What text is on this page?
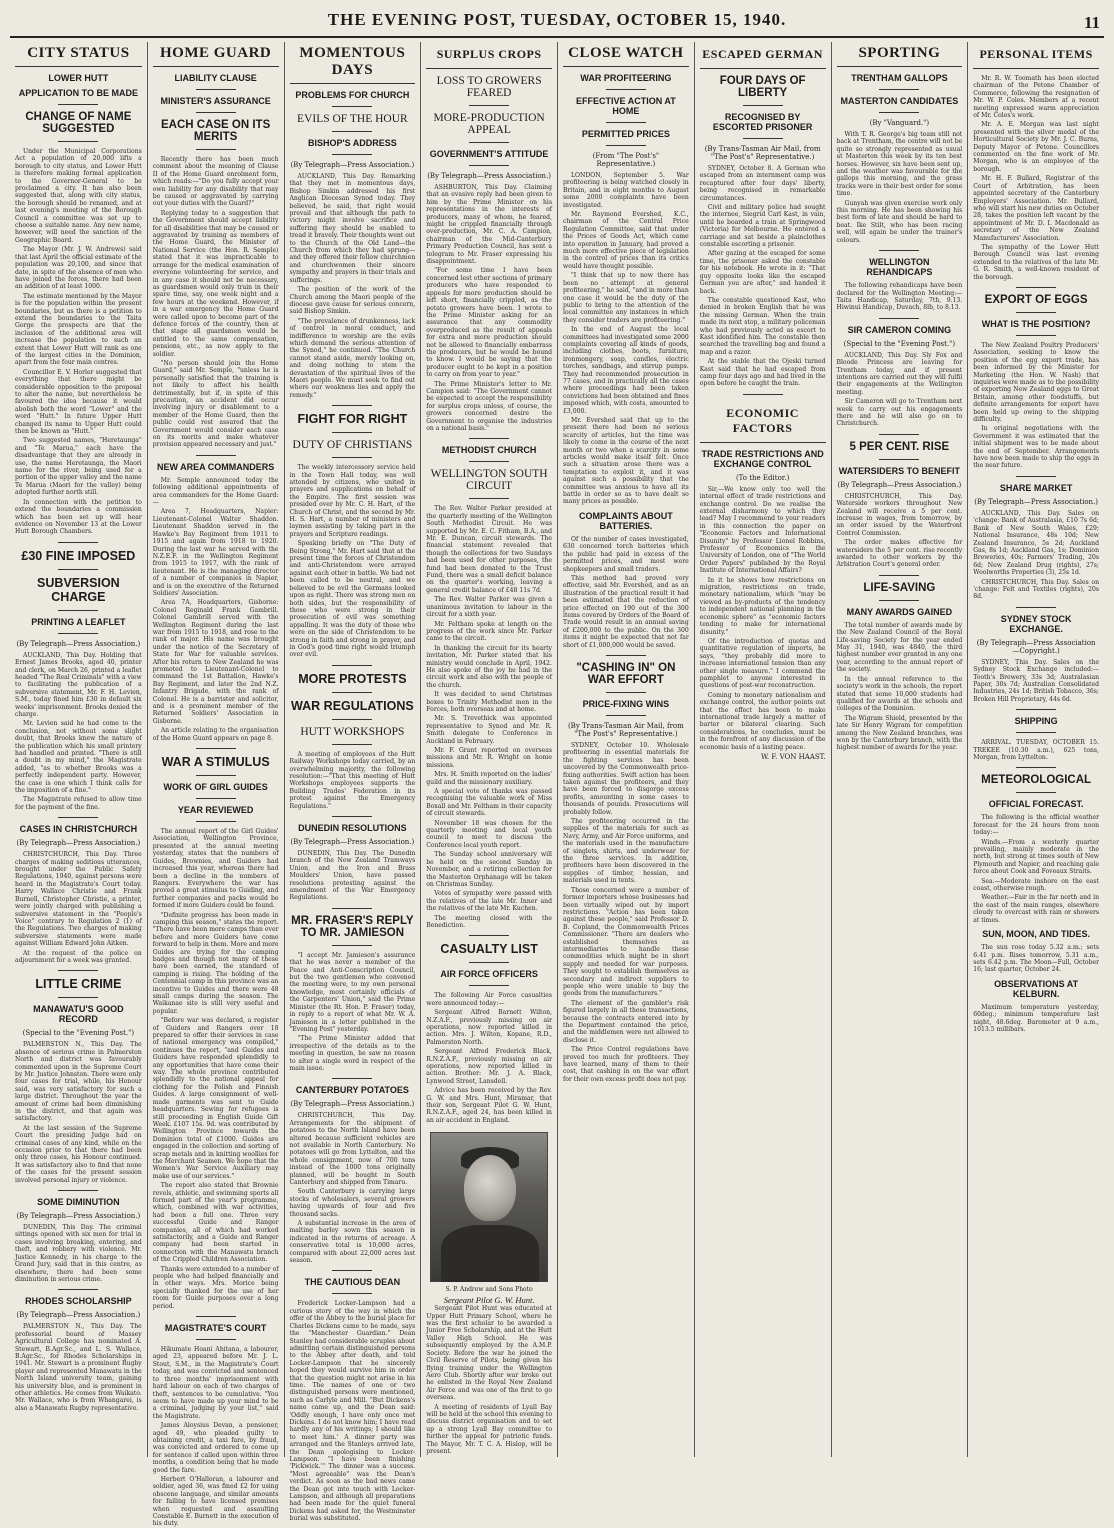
THE EVENING POST, TUESDAY, OCTOBER 15, 1940.	11
CITY STATUS
LOWER HUTT
APPLICATION TO BE MADE
CHANGE OF NAME SUGGESTED

Under the Municipal Corporations Act a population of 20,000 lifts a borough to city status, and Lower Hutt is therefore making formal application to the Governor-General to be proclaimed a city. It has also been suggested that, along with city status, the borough should be renamed, and at last evening's meeting of the Borough Council a committee was set up to choose a suitable name. Any new name, however, will need the sanction of the Geographic Board.

The Mayor (Mr. J. W. Andrews) said that last April the official estimate of the population was 20,100, and since that date, in spite of the absence of men who have joined the forces, there had been an addition of at least 1000.

The estimate mentioned by the Mayor is for the population within the present boundaries, but as there is a petition to extend the boundaries to the Taita Gorge the prospects are that the inclusion of the additional area will increase the population to such an extent that Lower Hutt will rank as one of the largest cities in the Dominion, apart from the four main centres.

Councillor E. V. Horler suggested that everything that there might be considerable opposition to the proposal to alter the name, but nevertheless he favoured the idea because it would abolish both the word "Lower" and the word "Hutt." In future Upper Hutt changed its name to Upper Hutt could then be known as "Hutt."

Two suggested names, "Heretaunga" and "Te Marua," each have the disadvantage that they are already in use, the name Heretaunga, the Maori name for the river, being used for a portion of the upper valley and the name Te Marua (Maori for the valley) being adopted further north still.

In connection with the petition to extend the boundaries a commission which has been set up will hear evidence on November 13 at the Lower Hutt Borough Chambers.

£30 FINE IMPOSED
SUBVERSION CHARGE
PRINTING A LEAFLET
(By Telegraph—Press Association.)

AUCKLAND, This Day. Holding that Ernest James Brooks, aged 40, printer and clerk, on March 26, printed a leaflet headed "The Real Criminals" with a view to facilitating the publication of a subversive statement, Mr. F. H. Levien, S.M., today fined him £30 in default six weeks' imprisonment. Brooks denied the charge.

Mr. Levien said he had come to the conclusion, not without some slight doubt, that Brooks knew the nature of the publication which his small printery had handled and printed. "There is still a doubt in my mind," the Magistrate added, "as to whether Brooks was a perfectly independent party. However, the case is one which I think calls for the imposition of a fine."

The Magistrate refused to allow time for the payment of the fine.

CASES IN CHRISTCHURCH
(By Telegraph—Press Association.)

CHRISTCHURCH, This Day. Three charges of making seditious utterances, brought under the Public Safety Regulations, 1940, against persons were heard in the Magistrate's Court today. Harry Wallace Christie and Frank Burnell, Christopher Christie, a printer, were jointly charged with publishing a subversive statement in the "People's Voice" contrary to Regulation 2 (1) of the Regulations. Two charges of making subversive statements were made against William Edward John Aitken.

At the request of the police on adjournment for a week was granted.

LITTLE CRIME
MANAWATU'S GOOD RECORD
(Special to the "Evening Post.")

PALMERSTON N., This Day. The absence of serious crime in Palmerston North and district was favourably commented upon in the Supreme Court by Mr. Justice Johnston. There were only four cases for trial, while, his Honour said, was very satisfactory for such a large district. Throughout the year the amount of crime had been diminishing in the district, and that again was satisfactory.

At the last session of the Supreme Court the presiding Judge had on criminal cases of any kind, while on the occasion prior to that there had been only three cases, his Honour continued. It was satisfactory also to find that none of the cases for the present session involved personal injury or violence.

SOME DIMINUTION
(By Telegraph—Press Association.)

DUNEDIN, This Day. The criminal sittings opened with six men for trial in cases involving breaking, entering, and theft, and robbery with violence. Mr. Justice Kennedy, in his charge to the Grand Jury, said that in this centre, as elsewhere, there had been some diminution in serious crime.

RHODES SCHOLARSHIP
(By Telegraph—Press Association.)

PALMERSTON N., This Day. The professorial board of Massey Agricultural College has nominated A. Stewart, B.Agr.Sc., and L. S. Wallace, B.Agr.Sc., for Rhodes Scholarships in 1941. Mr. Stewart is a prominent Rugby player and represented Manawatu in the North Island university team, gaining his university blue, and is prominent in other athletics. He comes from Waikato. Mr. Wallace, who is from Whangarei, is also a Manawatu Rugby representative.

HOME GUARD
LIABILITY CLAUSE
MINISTER'S ASSURANCE
EACH CASE ON ITS MERITS

Recently there has been much comment about the meaning of Clause II of the Home Guard enrolment form, which reads:—"Do you fully accept your own liability for any disability that may be caused or aggravated by carrying out your duties with the Guard?"

Replying today to a suggestion that the Government should accept liability for all disabilities that may be caused or aggravated by training as members of the Home Guard, the Minister of National Service (the Hon. R. Semple) stated that it was impracticable to arrange for the medical examination of everyone volunteering for service, and in any case it should not be necessary, as guardsmen would only train in their spare time, say, one week night and a few hours at the weekend. However, if in a war emergency the Home Guard were called upon to become part of the defence forces of the country, then at that stage all guardsmen would be entitled to the same compensation, pensions, etc., as now apply to the soldier.

"No person should join the Home Guard," said Mr. Semple, "unless he is personally satisfied that the training is not likely to affect his health detrimentally, but if, in spite of this precaution, an accident did occur involving injury or disablement to a member of the Home Guard, then the public could rest assured that the Government would consider each case on its merits and make whatever provision appeared necessary and just."

NEW AREA COMMANDERS

Mr. Semple announced today the following additional appointments of area commanders for the Home Guard:—

Area 7, Headquarters, Napier: Lieutenant-Colonel Walter Shaddon. Lieutenant Shaddon served in the Hawke's Bay Regiment from 1911 to 1915 and again from 1918 to 1920. During the last war he served with the N.Z.E.F. in the Wellington Regiment from 1915 to 1917, with the rank of lieutenant. He is the managing director of a number of companies in Napier, and is on the executive of the Returned Soldiers' Association.

Area 7A, Headquarters, Gisborne: Colonel Reginald Frank Gambrill. Colonel Gambrill served with the Wellington Regiment during the last war from 1915 to 1918, and rose to the rank of major. His name was brought under the notice of the Secretary of State for War for valuable services. After his return to New Zealand he was promoted to Lieutenant-Colonel to command the 1st Battalion, Hawke's Bay Regiment, and later the 2nd N.Z. Infantry Brigade, with the rank of Colonel. He is a barrister and solicitor, and is a prominent member of the Returned Soldiers' Association in Gisborne.

An article relating to the organisation of the Home Guard appears on page 8.

WAR A STIMULUS
WORK OF GIRL GUIDES
YEAR REVIEWED

The annual report of the Girl Guides' Association, Wellington Province, presented at the annual meeting yesterday, states that the numbers of Guides, Brownies, and Guiders had increased this year, whereas there had been a decline in the numbers of Rangers. Everywhere the war has proved a great stimulus to Guiding, and further companies and packs would be formed if more Guiders could be found.

"Definite progress has been made in camping this season," states the report. "There have been more camps than ever before and more Guiders have come forward to help in them. More and more Guides are trying for the camping badges and though not many of these have been earned, the standard of camping is rising. The holding of the Centennial camp in this province was an incentive to Guides and there were 48 small camps during the season. The Waikanae site is still very useful and popular.

"Before war was declared, a register of Guiders and Rangers over 18 prepared to offer their services in case of national emergency was compiled," continues the report, "and Guides and Guiders have responded splendidly to any opportunities that have come their way. The whole province contributed splendidly to the national appeal for clothing for the Polish and Finnish Guides. A large consignment of well-made garments was sent to Guide headquarters. Sewing for refugees is still proceeding in English Guide Gift Week. £107 15s. 9d. was contributed by Wellington Province towards the Dominion total of £1000. Guides are engaged in the collection and sorting of scrap metals and in knitting woollies for the Merchant Seamen. We hope that the Women's War Service Auxiliary may make use of our services."

The report also stated that Brownie revels, athletic, and swimming sports all formed part of the year's programme, which, combined with war activities, had been a full one. Three very successful Guide and Ranger companies, all of which had worked satisfactorily, and a Guide and Ranger company had been started in connection with the Manawatu branch of the Crippled Children Association.

Thanks were extended to a number of people who had helped financially and in other ways. Mrs. Morice being specially thanked for the use of her room for Guide purposes over a long period.

MAGISTRATE'S COURT

Hikumate Hoani Ahitana, a labourer, aged 23, appeared before Mr. J. L. Stout, S.M., in the Magistrate's Court today, and was convicted and sentenced to three months' imprisonment with hard labour on each of two charges of theft, sentences to be cumulative. "You seem to have made up your mind to be a criminal, judging by your list," said the Magistrate.

James Aloysius Devan, a pensioner, aged 49, who pleaded guilty to obtaining credit, a taxi fare, by fraud, was convicted and ordered to come up for sentence if called upon within three months, a condition being that he made good the fare.

Herbert O'Halloran, a labourer and soldier, aged 36, was fined £2 for using obscene language, and similar amounts for failing to have licensed premises when requested and assaulting Constable E. Burnett in the execution of his duty.

MOMENTOUS DAYS
PROBLEMS FOR CHURCH
EVILS OF THE HOUR
BISHOP'S ADDRESS
(By Telegraph—Press Association.)

AUCKLAND, This Day. Remarking that they met in momentous days, Bishop Simkin addressed his first Anglican Diocesan Synod today. They believed, he said, that right would prevail and that although the path to victory might involve sacrifice and suffering they should be enabled to tread it bravely. Their thoughts went out to the Church of the Old Land—the Church from which they had sprung—and they offered their fellow churchmen and churchwomen their sincere sympathy and prayers in their trials and sufferings.

The position of the work of the Church among the Maori people of the diocese gave cause for serious concern, said Bishop Simkin.

"The prevalence of drunkenness, lack of control in moral conduct, and indifference to worship are the evils which demand the serious attention of the Synod," he continued. "The Church cannot stand aside, merely looking on, and doing nothing to stem the devastation of the spiritual lives of the Maori people. We must seek to find out where our weakness lies and apply the remedy."

FIGHT FOR RIGHT
DUTY OF CHRISTIANS

The weekly intercessory service held in the Town Hall today, was well attended by citizens, who united in prayers and supplications on behalf of the Empire. The first session was presided over by Mr. C. H. Hart, of the Church of Christ, and the second by Mr. H. S. Hart, a number of ministers and laymen assisting by taking part in the prayers and Scripture readings.

Speaking briefly on "The Duty of Being Strong," Mr. Hart said that at the present time the forces of Christendom and anti-Christendom were arrayed against each other in battle. We had not been called to be neutral, and we believed to be evil the Germans looked upon as right. There was strong men on both sides, but the responsibility of those who were strong in their prosecution of evil was something appalling. It was the duty of those who were on the side of Christendom to be strong in faith and strong in prayer, and in God's good time right would triumph over evil.

MORE PROTESTS
WAR REGULATIONS
HUTT WORKSHOPS

A meeting of employees of the Hutt Railway Workshops today carried, by an overwhelming majority, the following resolution:—"That this meeting of Hutt Workshops employees supports the Building Trades' Federation in its protest against the Emergency Regulations."

DUNEDIN RESOLUTIONS
(By Telegraph—Press Association.)

DUNEDIN, This Day. The Dunedin branch of the New Zealand Tramways Union, and the Iron and Brass Moulders' Union, have passed resolutions protesting against the amendment of the War Emergency Regulations.

MR. FRASER'S REPLY TO MR. JAMIESON

"I accept Mr. Jamieson's assurance that he was never a member of the Peace and Anti-Conscription Council, but the two gentlemen who convened the meeting were, to my own personal knowledge, most certainly officials of the Carpenters' Union," said the Prime Minister (the Rt. Hon. P. Fraser) today, in reply to a report of what Mr. W. A. Jamieson in a letter published in the "Evening Post" yesterday.

"The Prime Minister added that irrespective of the details as to the meeting in question, he saw no reason to alter a single word in respect of the main issue.

CANTERBURY POTATOES
(By Telegraph—Press Association.)

CHRISTCHURCH, This Day. Arrangements for the shipment of potatoes to the North Island have been altered because sufficient vehicles are not available in North Canterbury. No potatoes will go from Lyttelton, and the whole consignment, now of 700 tons instead of the 1000 tons originally planned, will be bought in South Canterbury and shipped from Timaru.

South Canterbury is carrying large stocks of wholesalers, several growers having upwards of four and five thousand sacks.

A substantial increase in the area of malting barley sown this season is indicated in the returns of acreage. A conservative total is 10,000 acres, compared with about 22,000 acres last season.

THE CAUTIOUS DEAN

Frederick Locker-Lampson had a curious story of the way in which the offer of the Abbey to the burial place for Charles Dickens came to be made, says the "Manchester Guardian." Dean Stanley had considerable scruples about admitting certain distinguished persons to the Abbey after death, and told Locker-Lampson that he sincerely hoped they would survive him in order that the question might not arise in his time. The names of one or two distinguished persons were mentioned, such as Carlyle and Mill. "But Dickens's name came up, and the Dean said: 'Oddly enough, I have only once met Dickens. I do not know him; I have read hardly any of his writings; I should like to meet him.' A dinner party was arranged and the Stanleys arrived late, the Dean apologising to Locker-Lampson. "I have been finishing 'Pickwick.'" The dinner was a success. "Most agreeable" was the Dean's verdict. As soon as the bad news came the Dean got into touch with Locker-Lampson, and although all preparations had been made for the quiet funeral Dickens had asked for, the Westminster burial was substituted.

SURPLUS CROPS
LOSS TO GROWERS FEARED
MORE-PRODUCTION APPEAL
GOVERNMENT'S ATTITUDE
(By Telegraph—Press Association.)

ASHBURTON, This Day. Claiming that an evasive reply had been given to him by the Prime Minister on his representations in the interests of producers, many of whom, he feared, might be crippled financially through over-production, Mr. C. A. Campion, chairman of the Mid-Canterbury Primary Production Council, has sent a telegram to Mr. Fraser expressing his disappointment.

"For some time I have been concerned lest other sections of primary producers who have responded to appeals for more production should be left short, financially crippled, as the potato growers have been. I wrote to the Prime Minister asking for an assurance that any commodity overproduced as the result of appeals for extra and more production should not be allowed to financially embarrass the producers, but he would be bound to know. I would be saying that the producer ought to be kept in a position to carry on from year to year."

The Prime Minister's letter to Mr. Campion said: "The Government cannot be expected to accept the responsibility for surplus crops unless, of course, the growers concerned desire the Government to organise the industries on a national basis."

METHODIST CHURCH
WELLINGTON SOUTH CIRCUIT

The Rev. Walter Parker presided at the quarterly meeting of the Wellington South Methodist Circuit. He was supported by Mr. E. C. Fitham, B.A., and Mr. E. Duncan, circuit stewards. The financial statement revealed that though the collections for two Sundays had been used for other purposes, the fund had been donated to the Trust Fund, there was a small deficit balance on the quarter's working, leaving a general credit balance of £48 11s 7d.

The Rev. Walter Parker was given a unanimous invitation to labour in the circuit for a sixth year.

Mr. Feltham spoke at length on the progress of the work since Mr. Parker came to the circuit.

In thanking the circuit for its hearty invitation, Mr. Parker stated that his ministry would conclude in April, 1942. He also spoke of the joy he had in the circuit work and also with the people of the church.

It was decided to send Christmas boxes to Trinity Methodist men in the Forces, both overseas and at home.

Mr. S. Trevethick was appointed representative to Synod and Mr. R. Smith delegate to Conference in Auckland in February.

Mr. F. Grant reported on overseas missions and Mr. R. Wright on home missions.

Mrs. H. Smith reported on the ladies' guild and the missionary auxiliary.

A special vote of thanks was passed recognising the valuable work of Miss Boxall and Mr. Feltham in their capacity of circuit stewards.

November 18 was chosen for the quarterly meeting and local youth council to meet to discuss the Conference local youth report.

The Sunday school anniversary will be held on the second Sunday in November, and a retiring collection for the Masterton Orphanage will be taken on Christmas Sunday.

Votes of sympathy were passed with the relatives of the late Mr. Inner and the relatives of the late Mr. Kuchen.

The meeting closed with the Benediction.

CASUALTY LIST
AIR FORCE OFFICERS

The following Air Force casualties were announced today:—

Sergeant Alfred Barnett Wilton, N.Z.A.F., previously missing on air operations, now reported killed in action. Mrs. J. Wilton, Kopane, R.D., Palmerston North.

Sergeant Alfred Frederick Black, R.N.Z.A.F., previously missing on air operations, now reported killed in action. Brother: Mr. J. A. Black, Lynwood Street, Lansdell.

Advice has been received by the Rev. G. W. and Mrs. Hunt, Miramar, that their son, Sergeant Pilot G. W. Hunt, R.N.Z.A.F., aged 24, has been killed in an air accident in England.

S. P. Andrew and Sons Photo
Sergeant Pilot G. W. Hunt.

Sergeant Pilot Hunt was educated at Upper Hutt Primary School, where he was the first scholar to be awarded a Junior Free Scholarship, and at the Hutt Valley High School. He was subsequently employed by the A.M.P. Society. Before the war he joined the Civil Reserve of Pilots, being given his flying training under the Wellington Aero Club. Shortly after war broke out he enlisted in the Royal New Zealand Air Force and was one of the first to go overseas.

A meeting of residents of Lyall Bay will be held at the school this evening to discuss district organisation and to set up a strong Lyall Bay committee to further the appeal for patriotic funds. The Mayor, Mr. T. C. A. Hislop, will be present.

CLOSE WATCH
WAR PROFITEERING
EFFECTIVE ACTION AT HOME
PERMITTED PRICES
(From "The Post's" Representative.)

LONDON, September 5. War profiteering is being watched closely in Britain, and in eight months to August some 2000 complaints have been investigated.

Mr. Raymond Evershed, K.C., chairman of the Central Price Regulation Committee, said that under the Prices of Goods Act, which came into operation in January, had proved a much more effective piece of legislation in the control of prices than its critics would have thought possible.

"I think that up to now there has been no attempt at general profiteering," he said, "and in more than one case it would be the duty of the public to bring to the attention of the local committee any instances in which they consider traders are profiteering."

In the end of August the local committees had investigated some 2000 complaints covering all kinds of goods, including clothes, boots, furniture, ironmongery, soap, candles, electric torches, sandbags, and stirrup pumps. They had recommended prosecution in 77 cases, and in practically all the cases where proceedings had been taken convictions had been obtained and fines imposed which, with costs, amounted to £3,000.

Mr. Evershed said that up to the present there had been no serious scarcity of articles, but the time was likely to come in the course of the next month or two when a scarcity in some articles would make itself felt. Once such a situation arose there was a temptation to exploit it, and it was against such a possibility that the committee was anxious to have all its battle in order so as to have dealt so many prices as possible.

COMPLAINTS ABOUT BATTERIES.

Of the number of cases investigated, 630 concerned torch batteries which the public had paid in excess of the permitted prices, and most were shopkeepers and small traders.

This method had proved very effective, said Mr. Evershed, and as an illustration of the practical result it had been estimated that the reduction of price effected on 190 out of the 300 items covered by Orders of the Board of Trade would result in an annual saving of £200,000 to the public. On the 300 items it might be expected that not far short of £1,000,000 would be saved.

"CASHING IN" ON WAR EFFORT
PRICE-FIXING WINS
(By Trans-Tasman Air Mail, from "The Post's" Representative.)

SYDNEY, October 10. Wholesale profiteering in essential materials for the fighting services has been uncovered by the Commonwealth price-fixing authorities. Swift action has been taken against the profiteers, and they have been forced to disgorge excess profits, amounting in some cases to thousands of pounds. Prosecutions will probably follow.

The profiteering occurred in the supplies of the materials for such as Navy, Army, and Air Force uniforms, and the materials used in the manufacture of singlets, shirts, and underwear for the three services. In addition, profiteers have been discovered in the supplies of timber, hessian, and materials used in tents.

Those concerned were a number of former importers whose businesses had been virtually wiped out by import restrictions. "Action has been taken against these people," said Professor D. B. Copland, the Commonwealth Prices Commissioner. "There are dealers who established themselves as intermediaries to handle these commodities which might be in short supply and needed for war purposes. They sought to establish themselves as secondary and indirect suppliers to people who were unable to buy the goods from the manufacturers."

The element of the gambler's risk figured largely in all these transactions, because the contracts entered into by the Department contained the price, and the middlemen were not allowed to disclose it.

The Price Control regulations have proved too much for profiteers. They have learned, many of them to their cost, that cashing in on the war effort for their own excess profit does not pay.

ESCAPED GERMAN
FOUR DAYS OF LIBERTY
RECOGNISED BY ESCORTED PRISONER
(By Trans-Tasman Air Mail, from "The Post's" Representative.)

SYDNEY, October 8. A German who escaped from an internment camp was recaptured after four days' liberty, being recognised in remarkable circumstances.

Civil and military police had sought the internee, Siegrid Carl Kast, in vain, until he boarded a train at Springwood (Victoria) for Melbourne. He entered a carriage and sat beside a plainclothes constable escorting a prisoner.

After gazing at the escaped for some time, the prisoner asked the constable for his notebook. He wrote in it: "That guy opposite looks like the escaped German you are after," and handed it back.

The constable questioned Kast, who denied in broken English that he was the missing German. When the train made its next stop, a military policeman who had previously acted as escort to Kast identified him. The constable then searched the travelling bag and found a map and a razor.

At the stable that the Ojeski turned Kast said that he had escaped from camp four days ago and had lived in the open before he caught the train.

ECONOMIC FACTORS
TRADE RESTRICTIONS AND EXCHANGE CONTROL
(To the Editor.)

Sir,—We know only too well the internal effect of trade restrictions and exchange control. Do we realise the external disharmony to which they lead? May I recommend to your readers in this connection the paper on "Economic Factors and International Disunity" by Professor Lionel Robbins, Professor of Economics in the University of London, one of "The World Order Papers" published by the Royal Institute of International Affairs?

In it he shows how restrictions on migration, restrictions on trade, monetary nationalism, which "may be viewed as by-products of the tendency to independent national planning in the economic sphere" as "economic factors tending to make for international disunity."

Of the introduction of quotas and quantitative regulation of imports, he says, "they probably did more to increase international tension than any other single measure." I commend the pamphlet to anyone interested in questions of post-war reconstruction.

Coming to monetary nationalism and exchange control, the author points out that the effect has been to make international trade largely a matter of barter or bilateral clearing. Such considerations, he concludes, must be in the forefront of any discussion of the economic basis of a lasting peace.

W. F. VON HAAST.
SPORTING
TRENTHAM GALLOPS
MASTERTON CANDIDATES
(By "Vanguard.")

With T. R. George's big team still not back at Trentham, the centre will not be quite so strongly represented as usual at Masterton this week by its ten best horses. However, six have been sent up, and the weather was favourable for the gallops this morning, and the grass tracks were in their best order for some time.

Gunyah was given exercise work only this morning. He has been showing his best form of late and should be hard to beat. Ike Stilt, who has been racing well, will again be under the trainer's colours.

WELLINGTON REHANDICAPS

The following rehandicaps have been declared for the Wellington Meeting:—Taita Handicap, Saturday, 7th, 9.13. Hiwinui Handicap, Duvach, 8lb, to 8.13.

SIR CAMERON COMING
(Special to the "Evening Post.")

AUCKLAND, This Day. Sly Fox and Bloode Princess are leaving for Trentham today, and if present intentions are carried out they will fulfil their engagements at the Wellington meeting.

Sir Cameron will go to Trentham next week to carry out his engagements there and he will also go on to Christchurch.

5 PER CENT. RISE
WATERSIDERS TO BENEFIT
(By Telegraph—Press Association.)

CHRISTCHURCH, This Day. Waterside workers throughout New Zealand will receive a 5 per cent. increase in wages, from tomorrow, by an order issued by the Waterfront Control Commission.

The order makes effective for watersiders the 5 per cent. rise recently awarded to other workers by the Arbitration Court's general order.

LIFE-SAVING
MANY AWARDS GAINED

The total number of awards made by the New Zealand Council of the Royal Life-saving Society for the year ended May 31, 1940, was 4840, the third highest number ever granted in any one year, according to the annual report of the society.

In the annual reference to the society's work in the schools, the report stated that some 10,000 students had qualified for awards at the schools and colleges of the Dominion.

The Wigram Shield, presented by the late Sir Henry Wigram for competition among the New Zealand branches, was won by the Canterbury branch, with the highest number of awards for the year.

PERSONAL ITEMS

Mr. R. W. Toomath has been elected chairman of the Petone Chamber of Commerce, following the resignation of Mr. W. P. Coles. Members at a recent meeting expressed warm appreciation of Mr. Coles's work.

Mr. A. E. Morgan was last night presented with the silver medal of the Horticultural Society by Mr. J. C. Burns, Deputy Mayor of Petone. Councillors commented on the fine work of Mr. Morgan, who is an employee of the borough.

Mr. H. F. Bullard, Registrar of the Court of Arbitration, has been appointed secretary of the Canterbury Employers' Association. Mr. Bullard, who will start his new duties on October 28, takes the position left vacant by the appointment of Mr. D. I. Macdonald as secretary of the New Zealand Manufacturers' Association.

The sympathy of the Lower Hutt Borough Council was last evening extended to the relatives of the late Mr. G. R. Smith, a well-known resident of the borough.

EXPORT OF EGGS
WHAT IS THE POSITION?

The New Zealand Poultry Producers' Association, seeking to know the position of the egg export trade, has been informed by the Minister for Marketing (the Hon. W. Nash) that inquiries were made as to the possibility of exporting New Zealand eggs to Great Britain, among other foodstuffs, but definite arrangements for export have been held up owing to the shipping difficulty.

In original negotiations with the Government it was estimated that the initial shipment was to be made about the end of September. Arrangements have now been made to ship the eggs in the near future.

SHARE MARKET
(By Telegraph—Press Association.)

AUCKLAND, This Day. Sales on 'change: Bank of Australasia, £10 7s 6d; Bank of New South Wales, £29; National Insurance, 48s 10d; New Zealand Insurance, 5s 2d; Auckland Gas, 8s 1d; Auckland Gas, 1s; Dominion Breweries, 40s; Farmers' Trading, 20s 6d; New Zealand Drug (rights), 27s; Woolworths Properties (3), 25s 1d.

CHRISTCHURCH, This Day. Sales on 'change: Felt and Textiles (rights), 20s 8d.

SYDNEY STOCK EXCHANGE.
(By Telegraph—Press Association—Copyright.)

SYDNEY, This Day. Sales on the Sydney Stock Exchange included:—Tooth's Brewery, 33s 3d; Australasian Paper, 30s 7d; Australian Consolidated Industries, 24s 1d; British Tobacco, 36s; Broken Hill Proprietary, 44s 6d.

SHIPPING

ARRIVAL. TUESDAY, OCTOBER 15. TREKEE (10.30 a.m.), 625 tons, Morgan, from Lyttelton.

METEOROLOGICAL
OFFICIAL FORECAST.

The following is the official weather forecast for the 24 hours from noon today:—

Winds.—From a westerly quarter prevailing, mainly moderate in the north, but strong at times south of New Plymouth and Napier, and reaching gale force about Cook and Foveaux Straits.

Sea.—Moderate inshore on the east coast, otherwise rough.

Weather.—Fair in the far north and in the east of the main ranges, elsewhere cloudy to overcast with rain or showers at times.

SUN, MOON, AND TIDES.

The sun rose today 5.32 a.m.; sets 6.41 p.m. Rises tomorrow, 5.31 a.m., sets 6.42 p.m. The Moon—Full, October 16; last quarter, October 24.

OBSERVATIONS AT KELBURN.

Maximum temperature yesterday, 60deg.; minimum temperature last night, 48.6deg. Barometer at 9 a.m., 1013.5 millibars.
